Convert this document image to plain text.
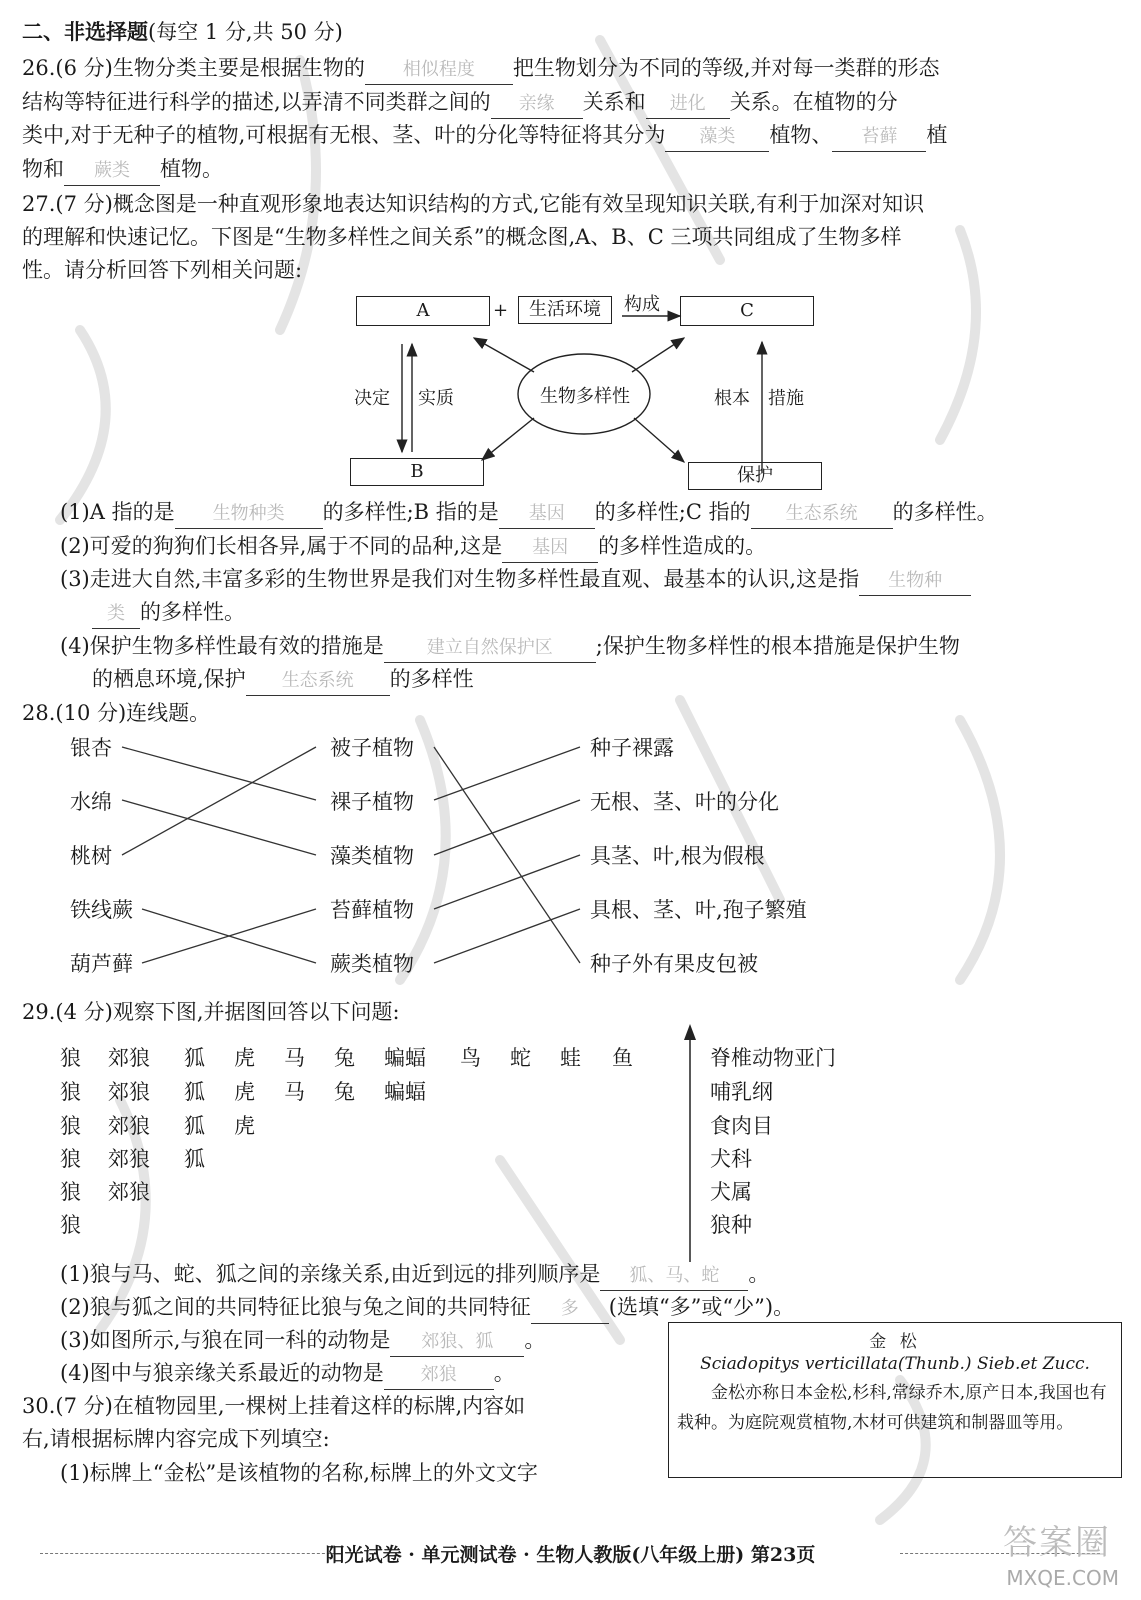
二、非选择题(每空 1 分,共 50 分)
26.(6 分)生物分类主要是根据生物的 相似程度 把生物划分为不同的等级,并对每一类群的形态
结构等特征进行科学的描述,以弄清不同类群之间的 亲缘 关系和 进化 关系。在植物的分
类中,对于无种子的植物,可根据有无根、茎、叶的分化等特征将其分为 藻类 植物、 苔藓 植
物和 蕨类 植物。
27.(7 分)概念图是一种直观形象地表达知识结构的方式,它能有效呈现知识关联,有利于加深对知识
的理解和快速记忆。下图是“生物多样性之间关系”的概念图,A、B、C 三项共同组成了生物多样
性。请分析回答下列相关问题:
A	+	生活环境	构成	C
生物多样性
决定 实质	根本 措施
B	保护
(1)A 指的是 生物种类 的多样性;B 指的是 基因 的多样性;C 指的 生态系统 的多样性。
(2)可爱的狗狗们长相各异,属于不同的品种,这是 基因 的多样性造成的。
(3)走进大自然,丰富多彩的生物世界是我们对生物多样性最直观、最基本的认识,这是指 生物种
类 的多样性。
(4)保护生物多样性最有效的措施是 建立自然保护区 ;保护生物多样性的根本措施是保护生物
的栖息环境,保护 生态系统 的多样性
28.(10 分)连线题。
银杏
水绵
桃树
铁线蕨
葫芦藓
被子植物
裸子植物
藻类植物
苔藓植物
蕨类植物
种子裸露
无根、茎、叶的分化
具茎、叶,根为假根
具根、茎、叶,孢子繁殖
种子外有果皮包被
29.(4 分)观察下图,并据图回答以下问题:
狼 郊狼 狐 虎 马 兔 蝙蝠 鸟 蛇 蛙 鱼
狼 郊狼 狐 虎 马 兔 蝙蝠
狼 郊狼 狐 虎
狼 郊狼 狐
狼 郊狼
狼
脊椎动物亚门
哺乳纲
食肉目
犬科
犬属
狼种
(1)狼与马、蛇、狐之间的亲缘关系,由近到远的排列顺序是 狐、马、蛇 。
(2)狼与狐之间的共同特征比狼与兔之间的共同特征 多 (选填“多”或“少”)。
(3)如图所示,与狼在同一科的动物是 郊狼、狐 。
(4)图中与狼亲缘关系最近的动物是 郊狼 。
30.(7 分)在植物园里,一棵树上挂着这样的标牌,内容如
右,请根据标牌内容完成下列填空:
(1)标牌上“金松”是该植物的名称,标牌上的外文文字
金 松
Sciadopitys verticillata(Thunb.) Sieb.et Zucc.
金松亦称日本金松,杉科,常绿乔木,原产日本,我国也有栽种。为庭院观赏植物,木材可供建筑和制器皿等用。
阳光试卷 · 单元测试卷 · 生物人教版(八年级上册) 第23页	答案圈
MXQE.COM
